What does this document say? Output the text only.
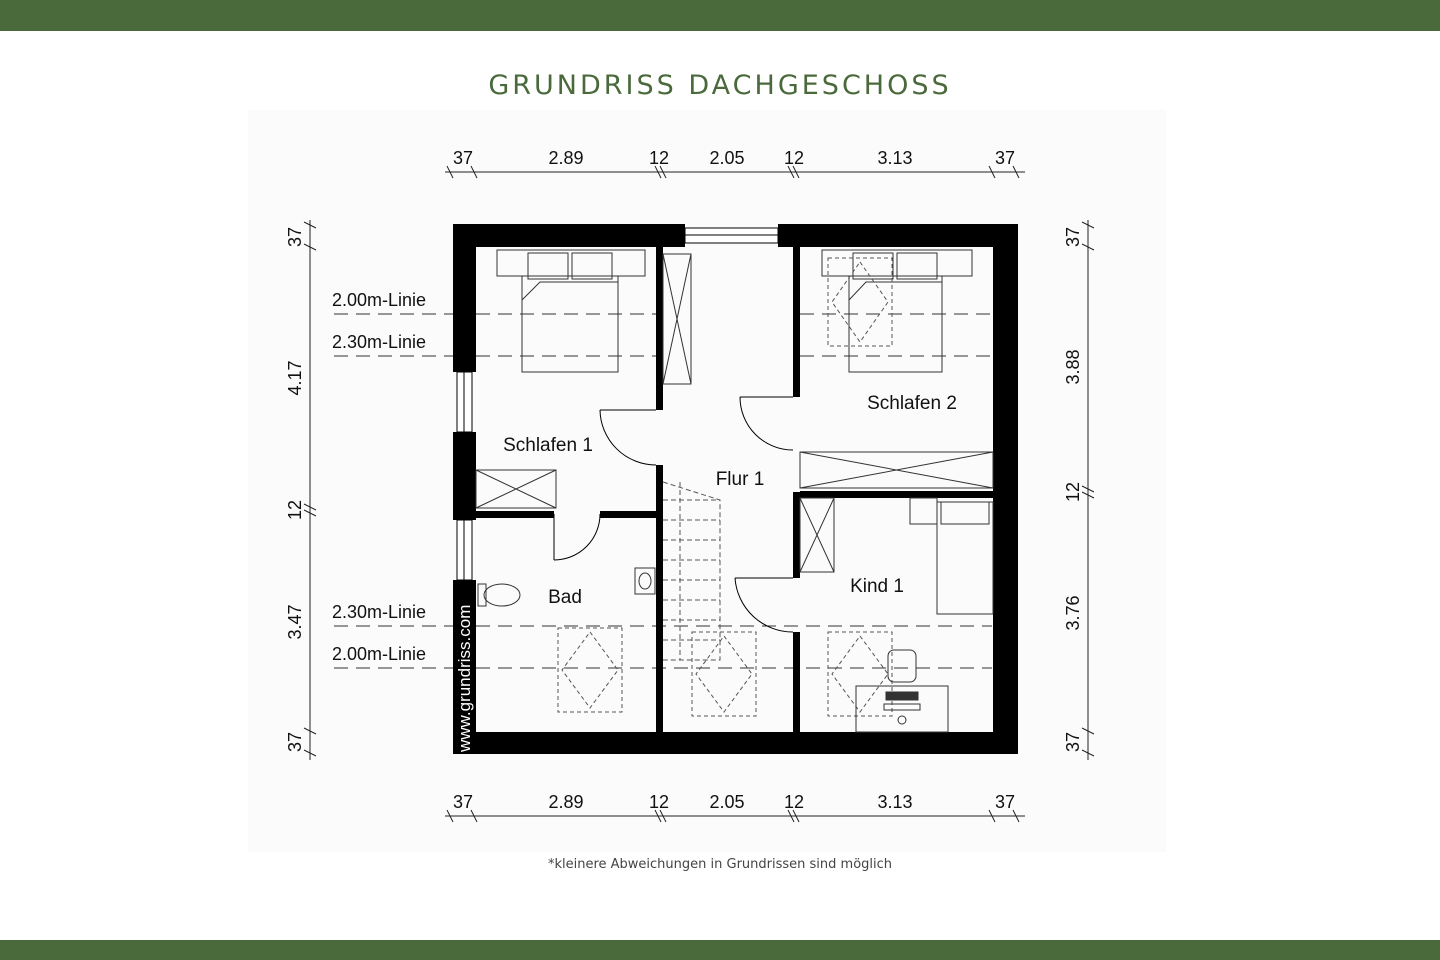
GRUNDRISS DACHGESCHOSS
37	2.89	12 2.05 12	3.13	37
37	2.89	12 2.05 12	3.13	37
37
4.17
12
3.47
37
37
3.88
12
3.76
37
2.00m-Linie
2.30m-Linie
2.30m-Linie
2.00m-Linie www.grundriss.com
Schlafen 1
Flur 1
Schlafen 2
Bad
Kind 1
*kleinere Abweichungen in Grundrissen sind möglich
